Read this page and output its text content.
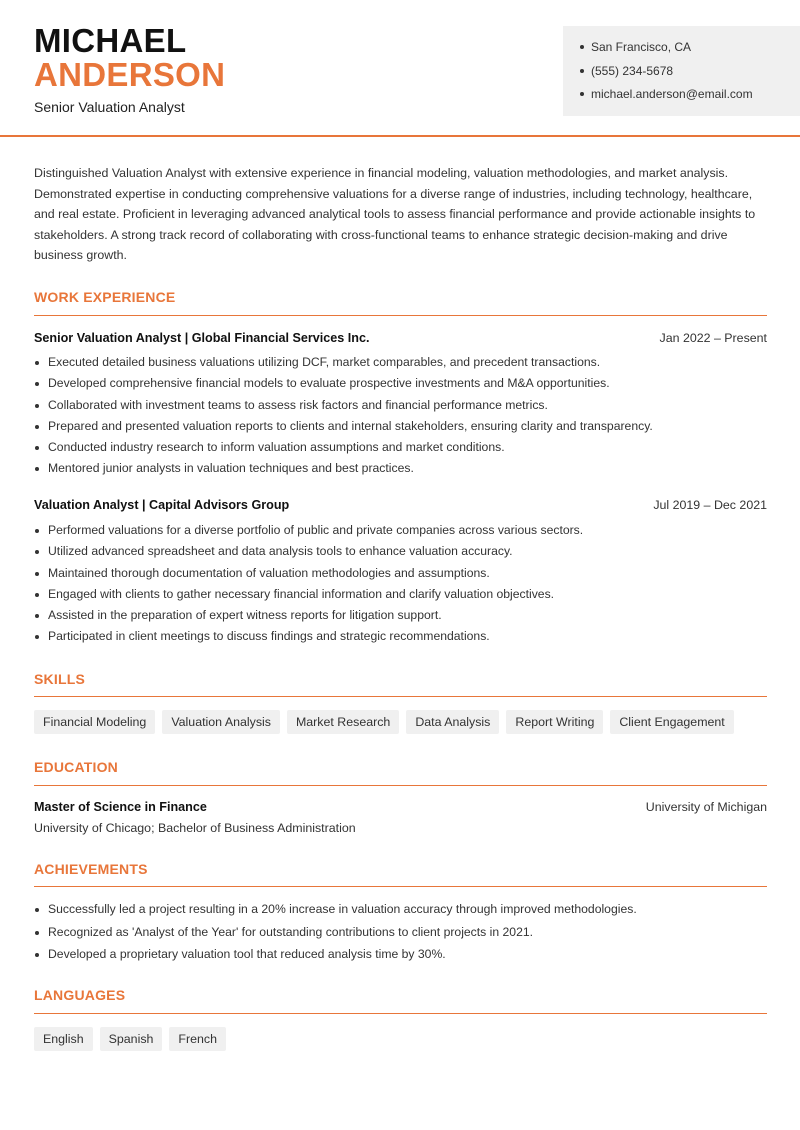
MICHAEL
ANDERSON
Senior Valuation Analyst
San Francisco, CA
(555) 234-5678
michael.anderson@email.com

Distinguished Valuation Analyst with extensive experience in financial modeling, valuation methodologies, and market analysis. Demonstrated expertise in conducting comprehensive valuations for a diverse range of industries, including technology, healthcare, and real estate. Proficient in leveraging advanced analytical tools to assess financial performance and provide actionable insights to stakeholders. A strong track record of collaborating with cross-functional teams to enhance strategic decision-making and drive business growth.

WORK EXPERIENCE
Senior Valuation Analyst | Global Financial Services Inc.	Jan 2022 – Present
Executed detailed business valuations utilizing DCF, market comparables, and precedent transactions.
Developed comprehensive financial models to evaluate prospective investments and M&A opportunities.
Collaborated with investment teams to assess risk factors and financial performance metrics.
Prepared and presented valuation reports to clients and internal stakeholders, ensuring clarity and transparency.
Conducted industry research to inform valuation assumptions and market conditions.
Mentored junior analysts in valuation techniques and best practices.
Valuation Analyst | Capital Advisors Group	Jul 2019 – Dec 2021
Performed valuations for a diverse portfolio of public and private companies across various sectors.
Utilized advanced spreadsheet and data analysis tools to enhance valuation accuracy.
Maintained thorough documentation of valuation methodologies and assumptions.
Engaged with clients to gather necessary financial information and clarify valuation objectives.
Assisted in the preparation of expert witness reports for litigation support.
Participated in client meetings to discuss findings and strategic recommendations.
SKILLS
Financial Modeling	Valuation Analysis	Market Research	Data Analysis	Report Writing	Client Engagement
EDUCATION
Master of Science in Finance	University of Michigan
University of Chicago; Bachelor of Business Administration
ACHIEVEMENTS
Successfully led a project resulting in a 20% increase in valuation accuracy through improved methodologies.
Recognized as 'Analyst of the Year' for outstanding contributions to client projects in 2021.
Developed a proprietary valuation tool that reduced analysis time by 30%.
LANGUAGES
English	Spanish	French
